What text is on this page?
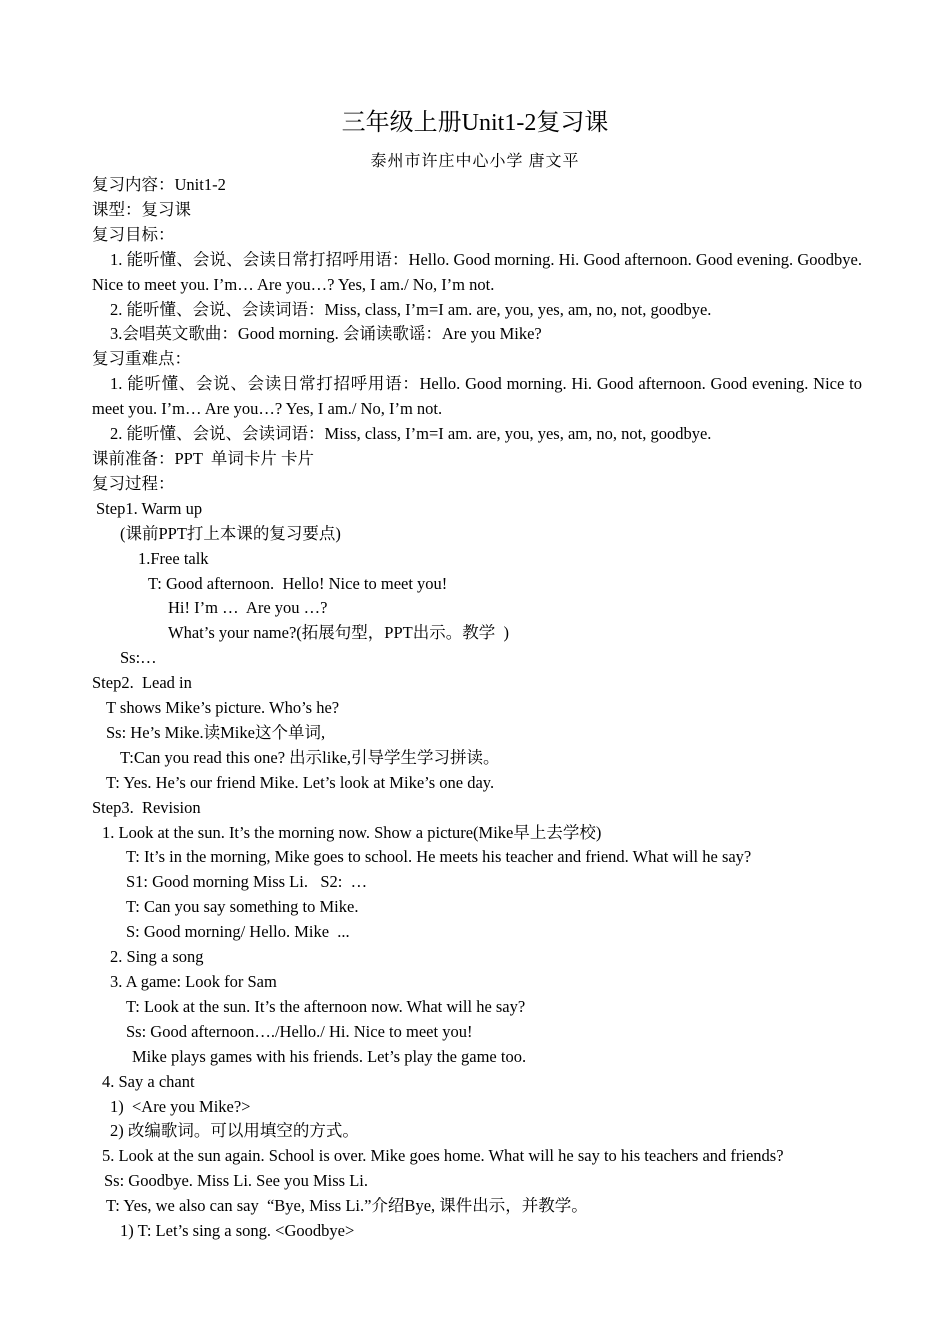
三年级上册Unit1-2复习课
泰州市许庄中心小学 唐文平

复习内容：Unit1-2

课型：复习课

复习目标：

1. 能听懂、会说、会读日常打招呼用语：Hello. Good morning. Hi. Good afternoon. Good evening. Goodbye. Nice to meet you. I’m… Are you…? Yes, I am./ No, I’m not.

2. 能听懂、会说、会读词语：Miss, class, I’m=I am. are, you, yes, am, no, not, goodbye.

3.会唱英文歌曲：Good morning. 会诵读歌谣：Are you Mike?

复习重难点：

1. 能听懂、会说、会读日常打招呼用语：Hello. Good morning. Hi. Good afternoon. Good evening. Nice to meet you. I’m… Are you…? Yes, I am./ No, I’m not.

2. 能听懂、会说、会读词语：Miss, class, I’m=I am. are, you, yes, am, no, not, goodbye.

课前准备：PPT  单词卡片 卡片

复习过程：

Step1. Warm up

(课前PPT打上本课的复习要点)

1.Free talk

T: Good afternoon.  Hello! Nice to meet you!

Hi! I’m …  Are you …?

What’s your name?(拓展句型，PPT出示。教学  )

Ss:…

Step2.  Lead in

T shows Mike’s picture. Who’s he?

Ss: He’s Mike.读Mike这个单词,

T:Can you read this one? 出示like,引导学生学习拼读。

T: Yes. He’s our friend Mike. Let’s look at Mike’s one day.

Step3.  Revision

1. Look at the sun. It’s the morning now. Show a picture(Mike早上去学校)

T: It’s in the morning, Mike goes to school. He meets his teacher and friend. What will he say?

S1: Good morning Miss Li.   S2:  …

T: Can you say something to Mike.

S: Good morning/ Hello. Mike  ...

2. Sing a song

3. A game: Look for Sam

T: Look at the sun. It’s the afternoon now. What will he say?

Ss: Good afternoon…./Hello./ Hi. Nice to meet you!

Mike plays games with his friends. Let’s play the game too.

4. Say a chant

1)  <Are you Mike?>

2) 改编歌词。可以用填空的方式。

5. Look at the sun again. School is over. Mike goes home. What will he say to his teachers and friends?

Ss: Goodbye. Miss Li. See you Miss Li.

T: Yes, we also can say  “Bye, Miss Li.”介绍Bye, 课件出示，并教学。

1) T: Let’s sing a song. <Goodbye>
